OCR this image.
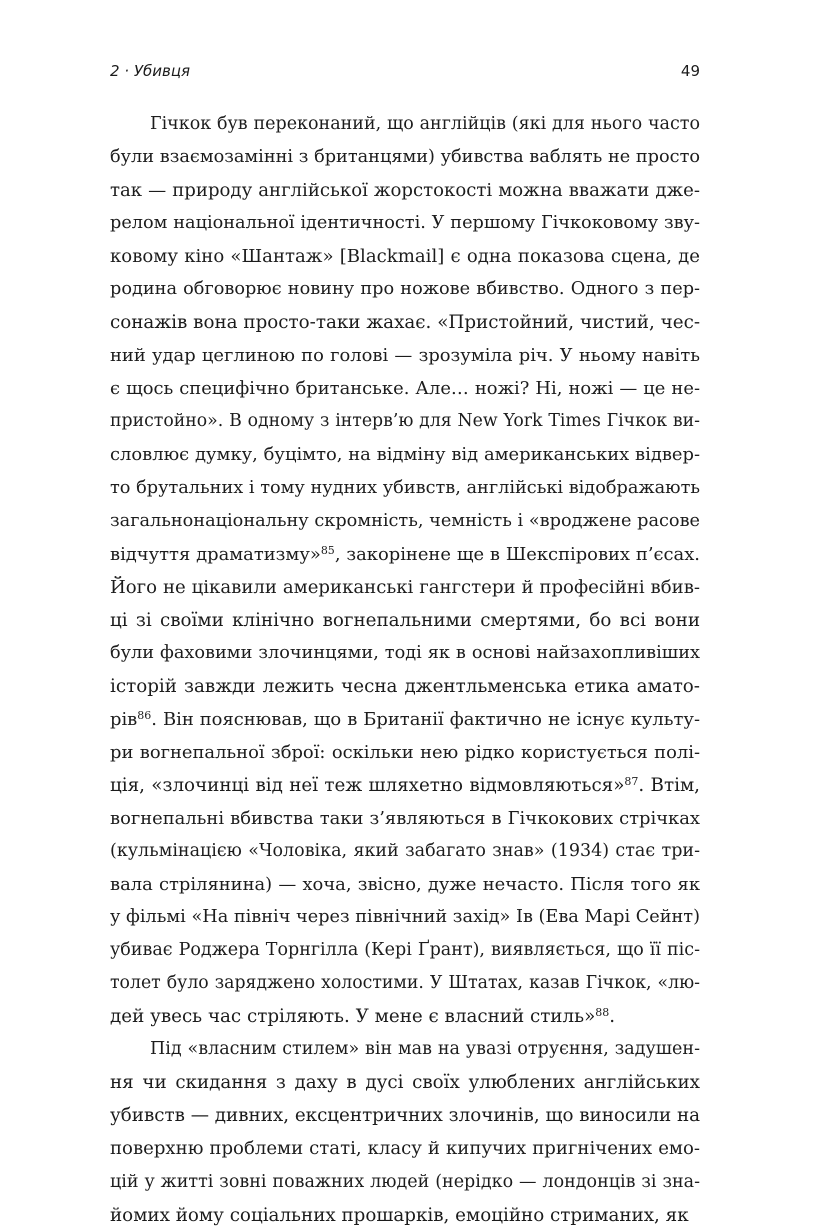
2 · Убивця	49
Гічкок був переконаний, що англійців (які для нього часто
були взаємозамінні з британцями) убивства ваблять не просто
так — природу англійської жорстокості можна вважати дже-
релом національної ідентичності. У першому Гічкоковому зву-
ковому кіно «Шантаж» [Blackmail] є одна показова сцена, де
родина обговорює новину про ножове вбивство. Одного з пер-
сонажів вона просто-таки жахає. «Пристойний, чистий, чес-
ний удар цеглиною по голові — зрозуміла річ. У ньому навіть
є щось специфічно британське. Але… ножі? Ні, ножі — це не-
пристойно». В одному з інтерв’ю для New York Times Гічкок ви-
словлює думку, буцімто, на відміну від американських відвер-
то брутальних і тому нудних убивств, англійські відображають
загальнонаціональну скромність, чемність і «вроджене расове
відчуття драматизму»$^{85}$, закорінене ще в Шекспірових п’єсах.
Його не цікавили американські гангстери й професійні вбив-
ці зі своїми клінічно вогнепальними смертями, бо всі вони
були фаховими злочинцями, тоді як в основі найзахопливіших
історій завжди лежить чесна джентльменська етика амато-
рів$^{86}$. Він пояснював, що в Британії фактично не існує культу-
ри вогнепальної зброї: оскільки нею рідко користується полі-
ція, «злочинці від неї теж шляхетно відмовляються»$^{87}$. Втім,
вогнепальні вбивства таки з’являються в Гічкокових стрічках
(кульмінацією «Чоловіка, який забагато знав» (1934) стає три-
вала стрілянина) — хоча, звісно, дуже нечасто. Після того як
у фільмі «На північ через північний захід» Ів (Ева Марі Сейнт)
убиває Роджера Торнгілла (Кері Ґрант), виявляється, що її піс-
толет було заряджено холостими. У Штатах, казав Гічкок, «лю-
дей увесь час стріляють. У мене є власний стиль»$^{88}$.
Під «власним стилем» він мав на увазі отруєння, задушен-
ня чи скидання з даху в дусі своїх улюблених англійських
убивств — дивних, ексцентричних злочинів, що виносили на
поверхню проблеми статі, класу й кипучих пригнічених емо-
цій у житті зовні поважних людей (нерідко — лондонців зі зна-
йомих йому соціальних прошарків, емоційно стриманих, як
